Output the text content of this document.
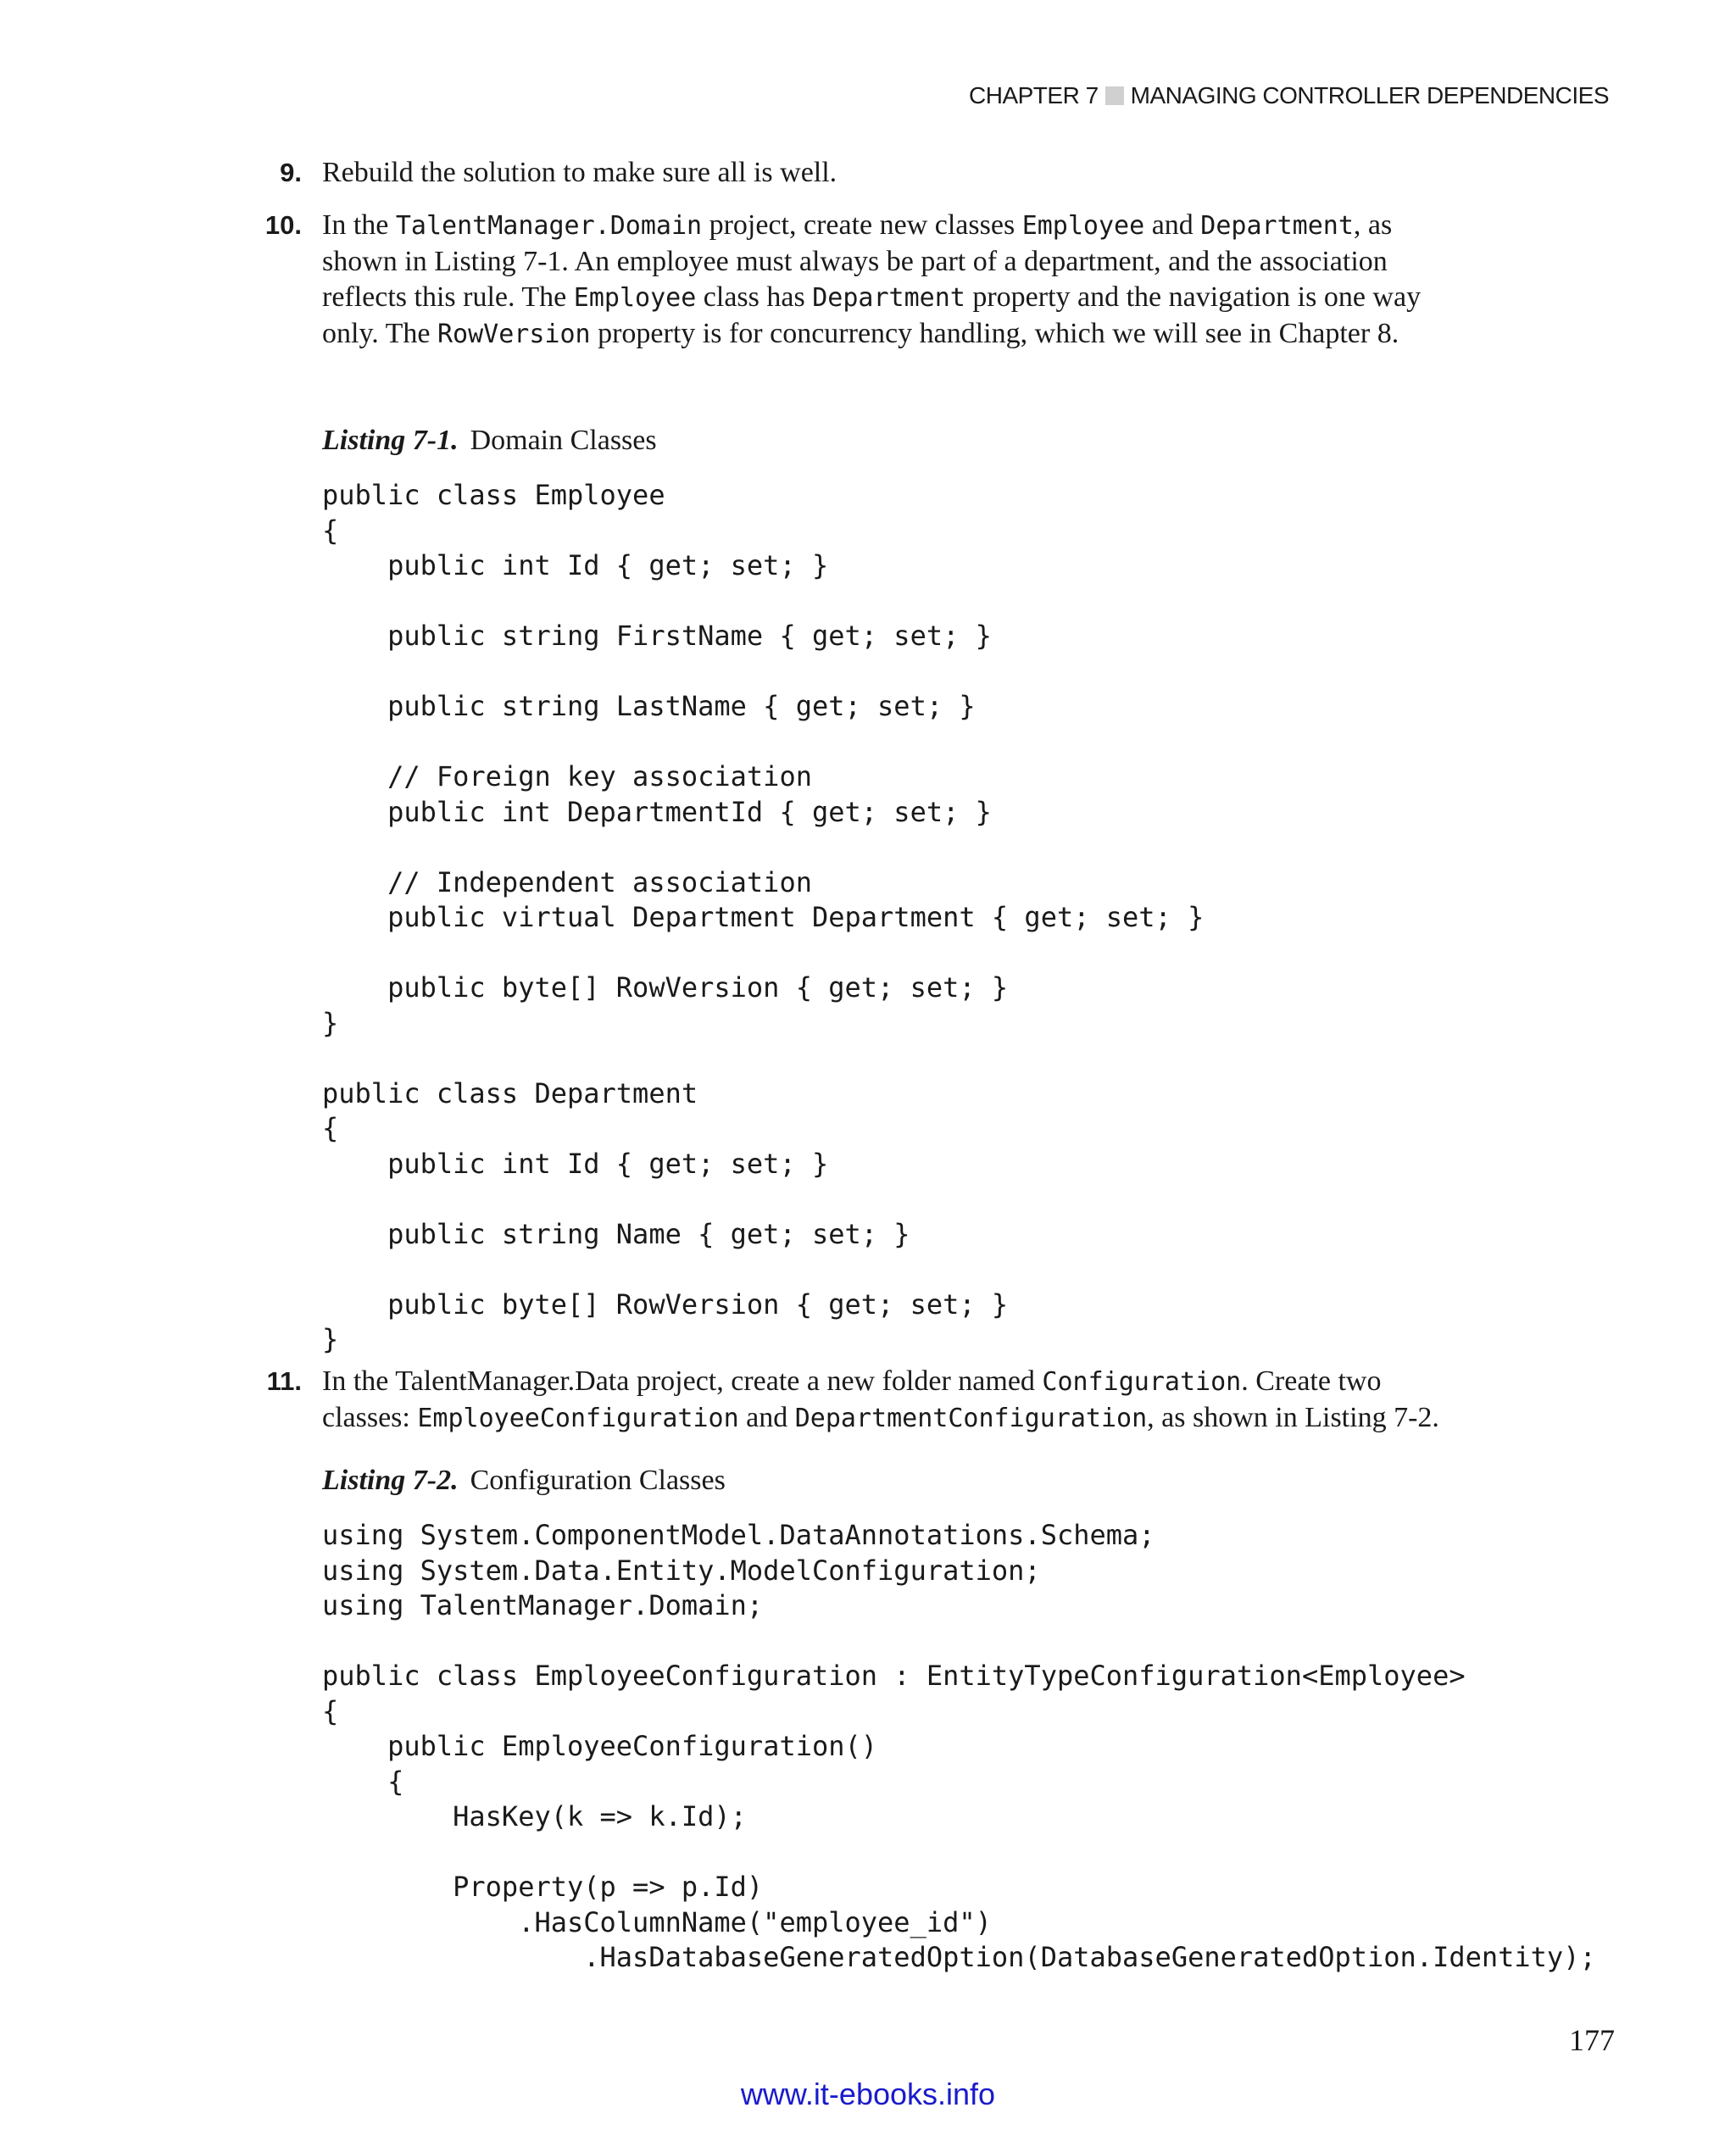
CHAPTER 7 MANAGING CONTROLLER DEPENDENCIES
9. Rebuild the solution to make sure all is well.
10. In the TalentManager.Domain project, create new classes Employee and Department, as shown in Listing 7-1. An employee must always be part of a department, and the association reflects this rule. The Employee class has Department property and the navigation is one way only. The RowVersion property is for concurrency handling, which we will see in Chapter 8.
Listing 7-1. Domain Classes
public class Employee
{
public int Id { get; set; }

public string FirstName { get; set; }

public string LastName { get; set; }

// Foreign key association
public int DepartmentId { get; set; }

// Independent association
public virtual Department Department { get; set; }

public byte[] RowVersion { get; set; }
}

public class Department
{
public int Id { get; set; }

public string Name { get; set; }

public byte[] RowVersion { get; set; }
}
11. In the TalentManager.Data project, create a new folder named Configuration. Create two classes: EmployeeConfiguration and DepartmentConfiguration, as shown in Listing 7-2.
Listing 7-2. Configuration Classes
using System.ComponentModel.DataAnnotations.Schema;
using System.Data.Entity.ModelConfiguration;
using TalentManager.Domain;

public class EmployeeConfiguration : EntityTypeConfiguration<Employee>
{
public EmployeeConfiguration()
{
HasKey(k => k.Id);

Property(p => p.Id)
.HasColumnName("employee_id")
.HasDatabaseGeneratedOption(DatabaseGeneratedOption.Identity);
177
www.it-ebooks.info
